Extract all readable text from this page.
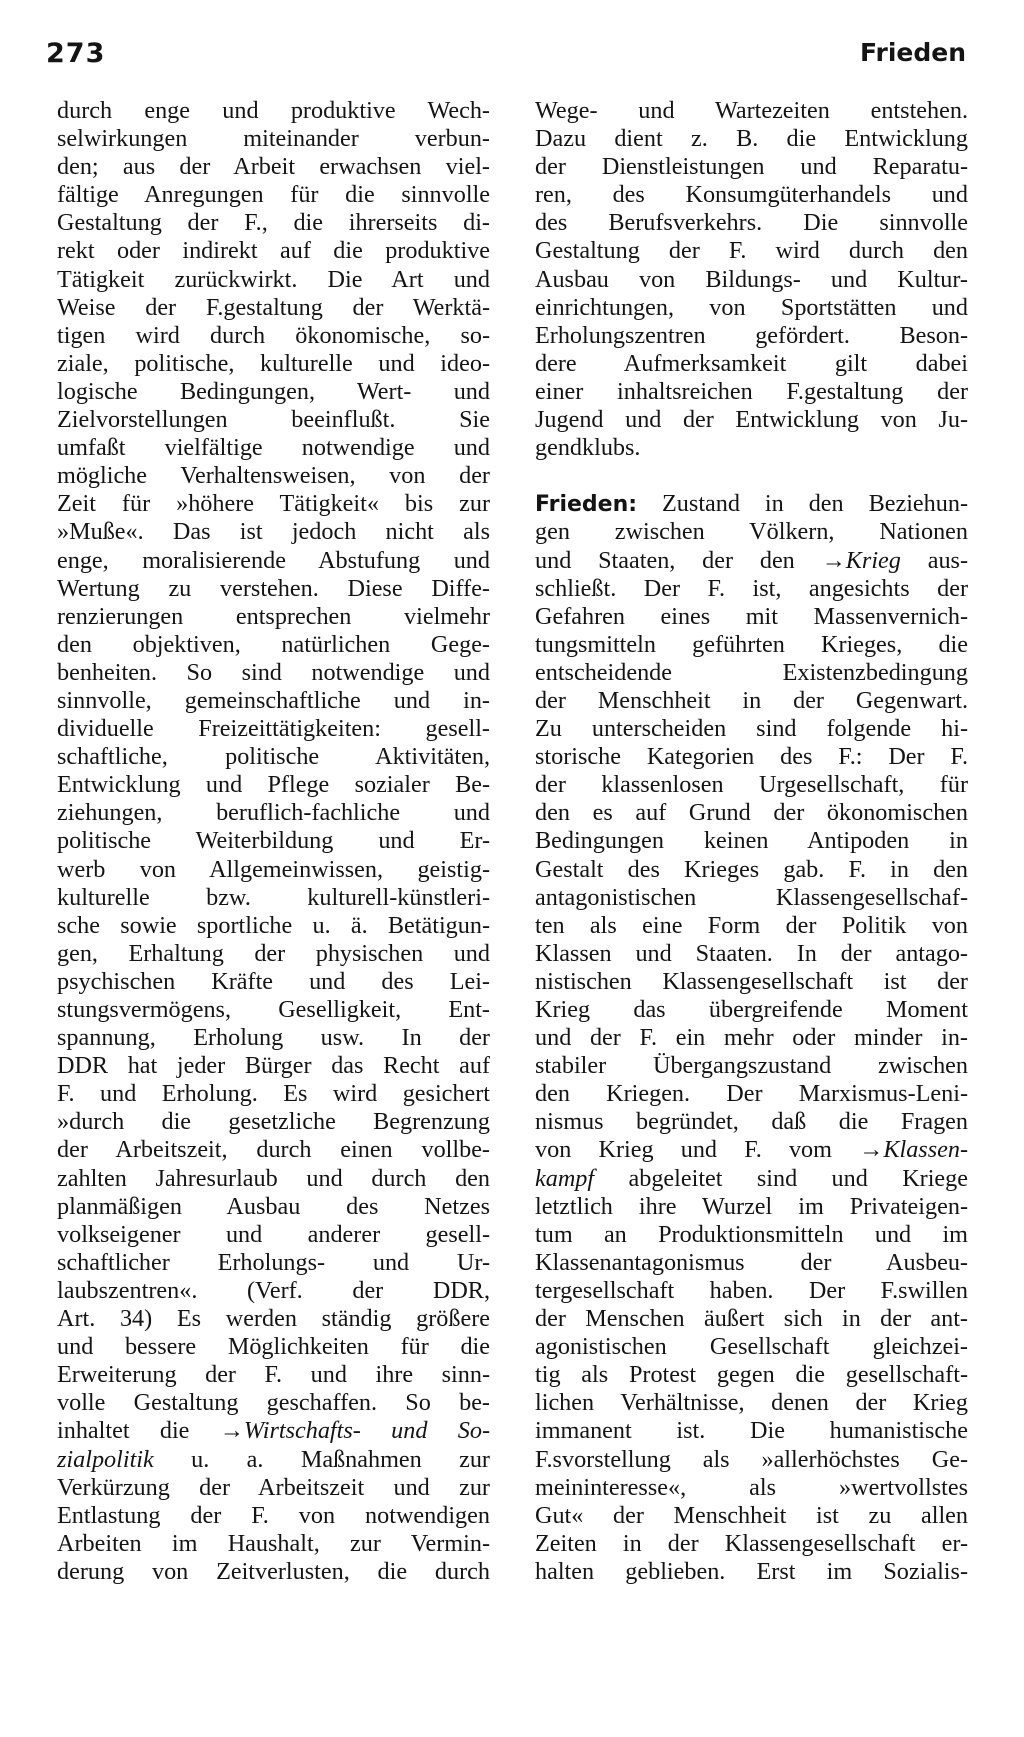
273	Frieden
durch enge und produktive Wech-
selwirkungen miteinander verbun-
den; aus der Arbeit erwachsen viel-
fältige Anregungen für die sinnvolle
Gestaltung der F., die ihrerseits di-
rekt oder indirekt auf die produktive
Tätigkeit zurückwirkt. Die Art und
Weise der F.gestaltung der Werktä-
tigen wird durch ökonomische, so-
ziale, politische, kulturelle und ideo-
logische Bedingungen, Wert- und
Zielvorstellungen beeinflußt. Sie
umfaßt vielfältige notwendige und
mögliche Verhaltensweisen, von der
Zeit für »höhere Tätigkeit« bis zur
»Muße«. Das ist jedoch nicht als
enge, moralisierende Abstufung und
Wertung zu verstehen. Diese Diffe-
renzierungen entsprechen vielmehr
den objektiven, natürlichen Gege-
benheiten. So sind notwendige und
sinnvolle, gemeinschaftliche und in-
dividuelle Freizeittätigkeiten: gesell-
schaftliche, politische Aktivitäten,
Entwicklung und Pflege sozialer Be-
ziehungen, beruflich-fachliche und
politische Weiterbildung und Er-
werb von Allgemeinwissen, geistig-
kulturelle bzw. kulturell-künstleri-
sche sowie sportliche u. ä. Betätigun-
gen, Erhaltung der physischen und
psychischen Kräfte und des Lei-
stungsvermögens, Geselligkeit, Ent-
spannung, Erholung usw. In der
DDR hat jeder Bürger das Recht auf
F. und Erholung. Es wird gesichert
»durch die gesetzliche Begrenzung
der Arbeitszeit, durch einen vollbe-
zahlten Jahresurlaub und durch den
planmäßigen Ausbau des Netzes
volkseigener und anderer gesell-
schaftlicher Erholungs- und Ur-
laubszentren«. (Verf. der DDR,
Art. 34) Es werden ständig größere
und bessere Möglichkeiten für die
Erweiterung der F. und ihre sinn-
volle Gestaltung geschaffen. So be-
inhaltet die →Wirtschafts- und So-
zialpolitik u. a. Maßnahmen zur
Verkürzung der Arbeitszeit und zur
Entlastung der F. von notwendigen
Arbeiten im Haushalt, zur Vermin-
derung von Zeitverlusten, die durch
Wege- und Wartezeiten entstehen.
Dazu dient z. B. die Entwicklung
der Dienstleistungen und Reparatu-
ren, des Konsumgüterhandels und
des Berufsverkehrs. Die sinnvolle
Gestaltung der F. wird durch den
Ausbau von Bildungs- und Kultur-
einrichtungen, von Sportstätten und
Erholungszentren gefördert. Beson-
dere Aufmerksamkeit gilt dabei
einer inhaltsreichen F.gestaltung der
Jugend und der Entwicklung von Ju-
gendklubs.
Frieden: Zustand in den Beziehun-
gen zwischen Völkern, Nationen
und Staaten, der den →Krieg aus-
schließt. Der F. ist, angesichts der
Gefahren eines mit Massenvernich-
tungsmitteln geführten Krieges, die
entscheidende Existenzbedingung
der Menschheit in der Gegenwart.
Zu unterscheiden sind folgende hi-
storische Kategorien des F.: Der F.
der klassenlosen Urgesellschaft, für
den es auf Grund der ökonomischen
Bedingungen keinen Antipoden in
Gestalt des Krieges gab. F. in den
antagonistischen Klassengesellschaf-
ten als eine Form der Politik von
Klassen und Staaten. In der antago-
nistischen Klassengesellschaft ist der
Krieg das übergreifende Moment
und der F. ein mehr oder minder in-
stabiler Übergangszustand zwischen
den Kriegen. Der Marxismus-Leni-
nismus begründet, daß die Fragen
von Krieg und F. vom →Klassen-
kampf abgeleitet sind und Kriege
letztlich ihre Wurzel im Privateigen-
tum an Produktionsmitteln und im
Klassenantagonismus der Ausbeu-
tergesellschaft haben. Der F.swillen
der Menschen äußert sich in der ant-
agonistischen Gesellschaft gleichzei-
tig als Protest gegen die gesellschaft-
lichen Verhältnisse, denen der Krieg
immanent ist. Die humanistische
F.svorstellung als »allerhöchstes Ge-
meininteresse«, als »wertvollstes
Gut« der Menschheit ist zu allen
Zeiten in der Klassengesellschaft er-
halten geblieben. Erst im Sozialis-
